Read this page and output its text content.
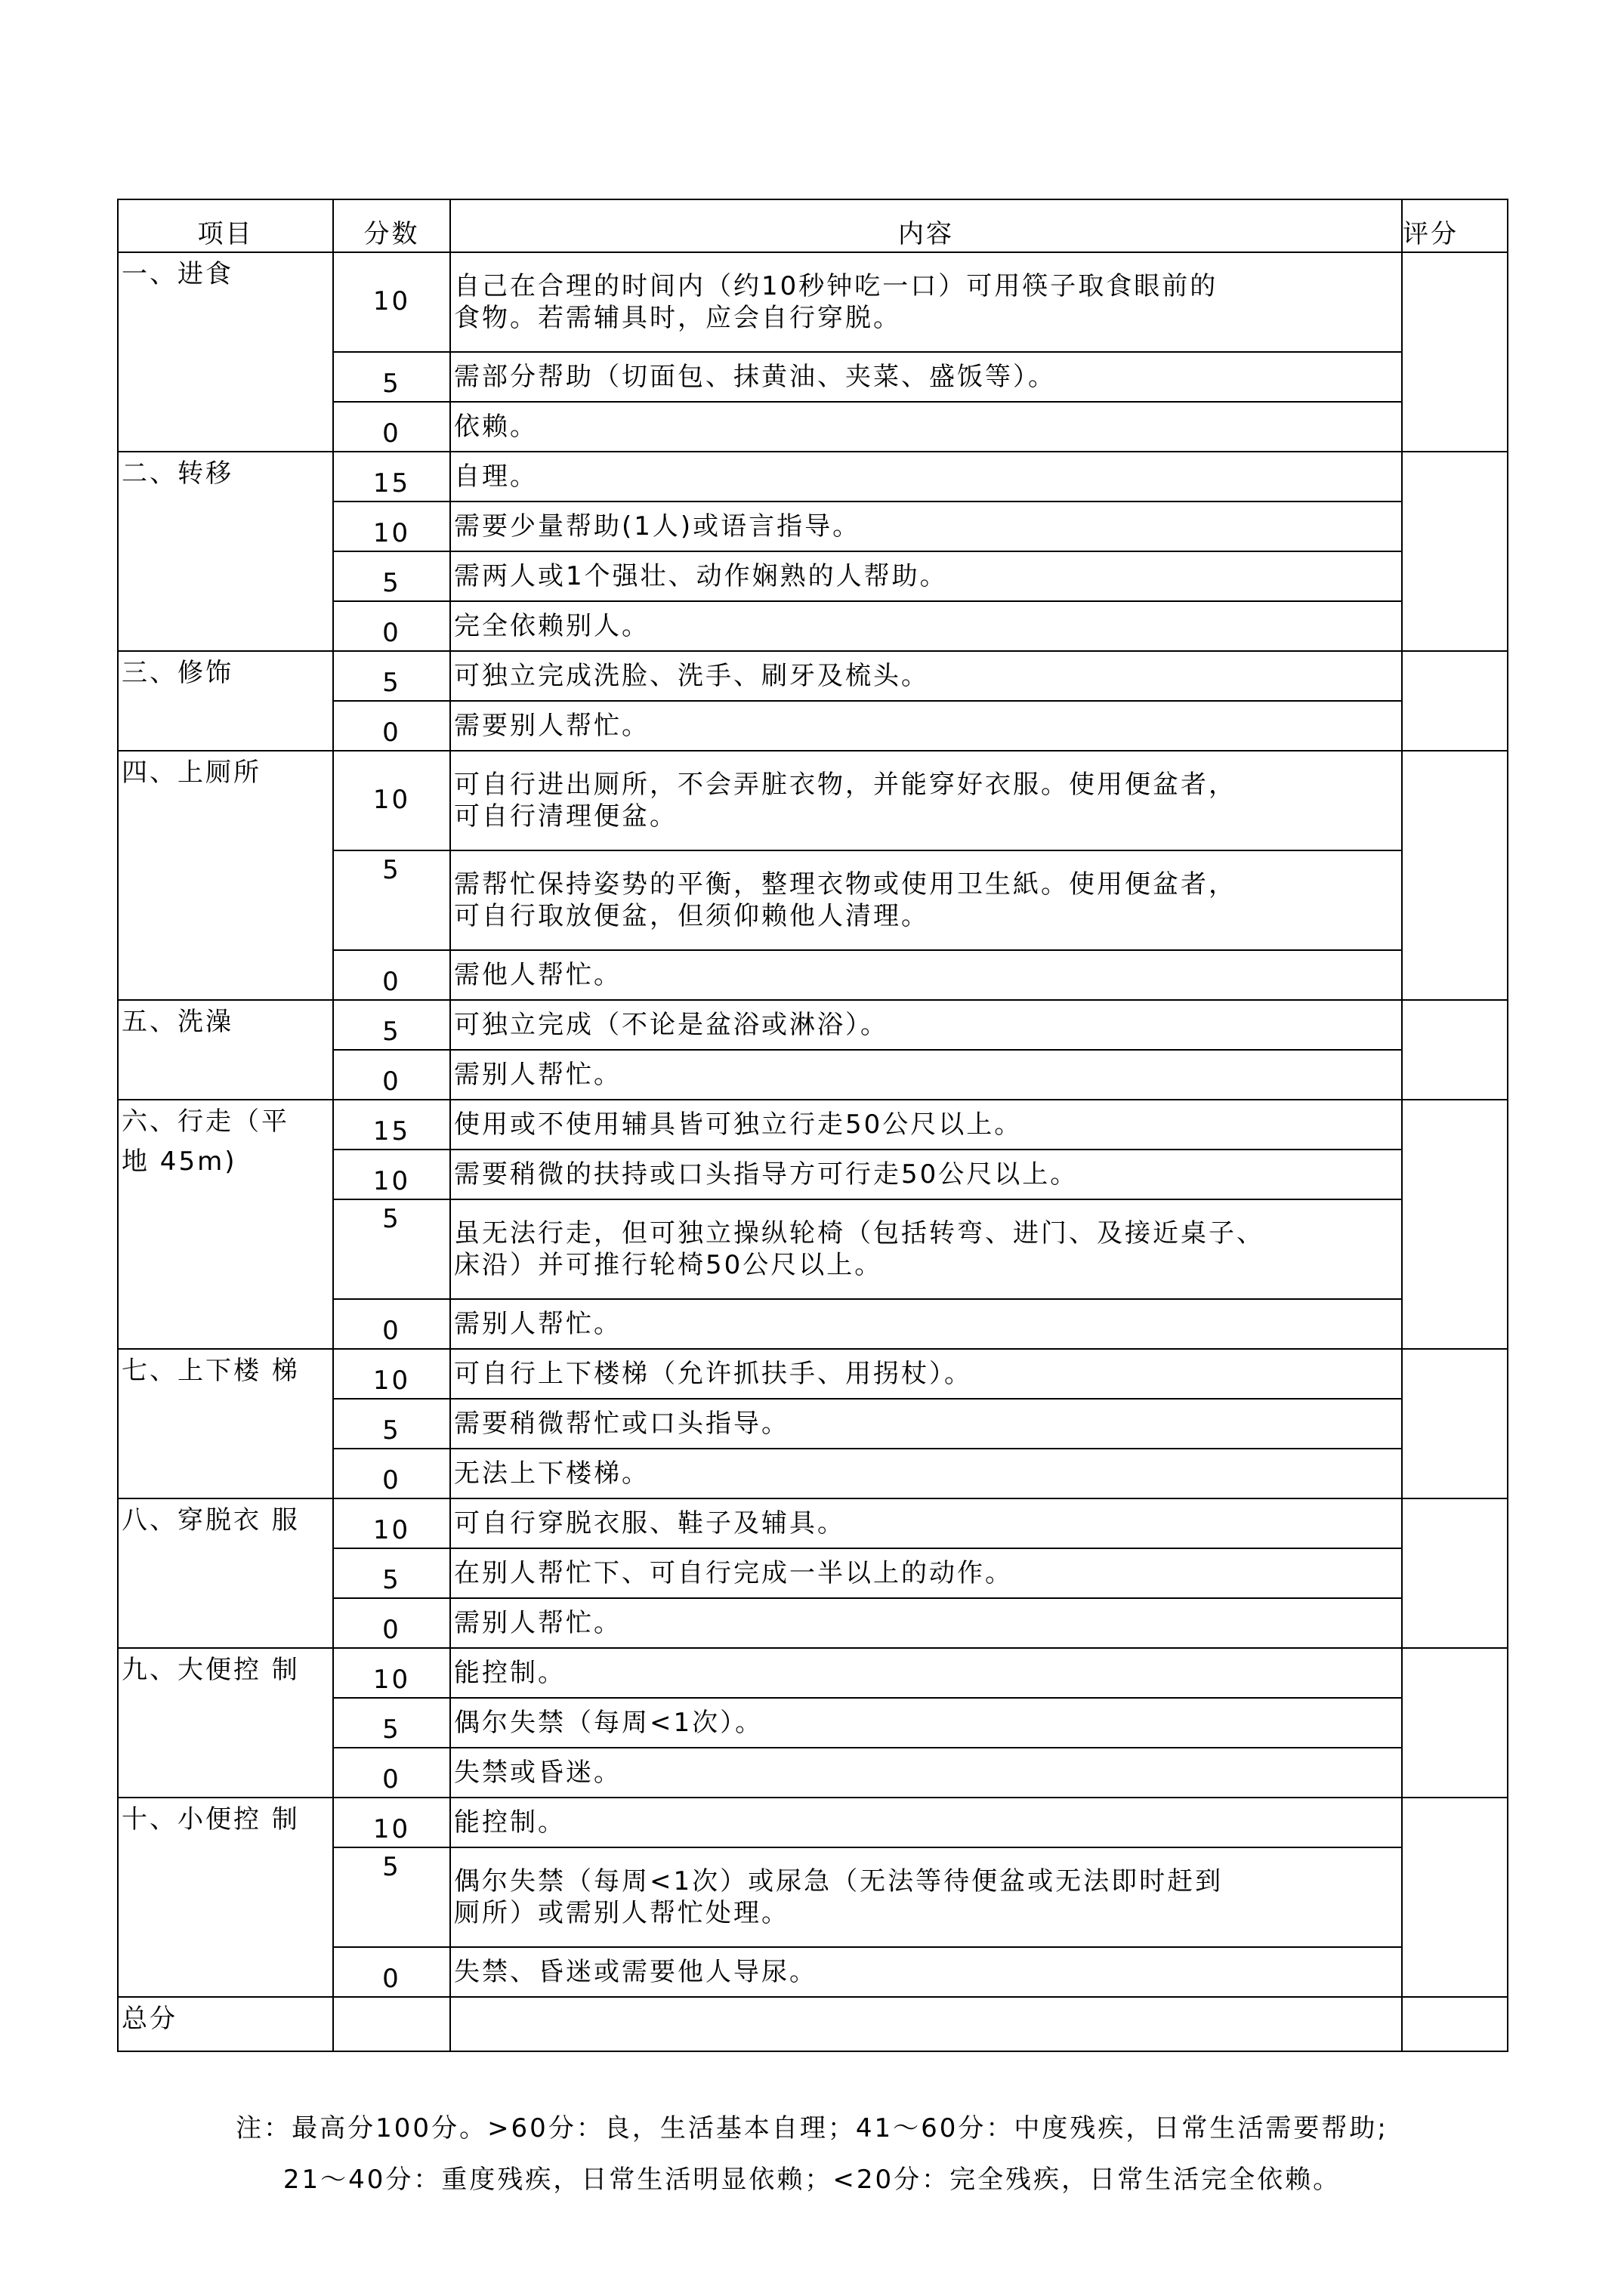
项目	分数	内容	评分
一、进食	10	自己在合理的时间内（约10秒钟吃一口）可用筷子取食眼前的
食物。若需辅具时，应会自行穿脱。	

	5	需部分帮助（切面包、抹黄油、夹菜、盛饭等）。	

	0	依赖。	

二、转移	15	自理。	

	10	需要少量帮助(1人)或语言指导。	

	5	需两人或1个强壮、动作娴熟的人帮助。	

	0	完全依赖别人。	

三、修饰	5	可独立完成洗脸、洗手、刷牙及梳头。	

	0	需要别人帮忙。	

四、上厕所	10	可自行进出厕所，不会弄脏衣物，并能穿好衣服。使用便盆者，
可自行清理便盆。	

	5	需帮忙保持姿势的平衡，整理衣物或使用卫生紙。使用便盆者，
可自行取放便盆，但须仰赖他人清理。	

	0	需他人帮忙。	

五、洗澡	5	可独立完成（不论是盆浴或淋浴）。	

	0	需别人帮忙。	

六、行走（平
地 45m)	15	使用或不使用辅具皆可独立行走50公尺以上。	

	10	需要稍微的扶持或口头指导方可行走50公尺以上。	

	5	虽无法行走，但可独立操纵轮椅（包括转弯、进门、及接近桌子、
床沿）并可推行轮椅50公尺以上。	

	0	需别人帮忙。	

七、上下楼 梯	10	可自行上下楼梯（允许抓扶手、用拐杖）。	

	5	需要稍微帮忙或口头指导。	

	0	无法上下楼梯。	

八、穿脱衣 服	10	可自行穿脱衣服、鞋子及辅具。	

	5	在别人帮忙下、可自行完成一半以上的动作。	

	0	需别人帮忙。	

九、大便控 制	10	能控制。	

	5	偶尔失禁（每周<1次）。	

	0	失禁或昏迷。	

十、小便控 制	10	能控制。	

	5	偶尔失禁（每周<1次）或尿急（无法等待便盆或无法即时赶到
厕所）或需别人帮忙处理。	

	0	失禁、昏迷或需要他人导尿。	

总分			
注：最高分100分。>60分：良，生活基本自理；41〜60分：中度残疾，日常生活需要帮助;
21〜40分：重度残疾，日常生活明显依赖；<20分：完全残疾，日常生活完全依赖。
